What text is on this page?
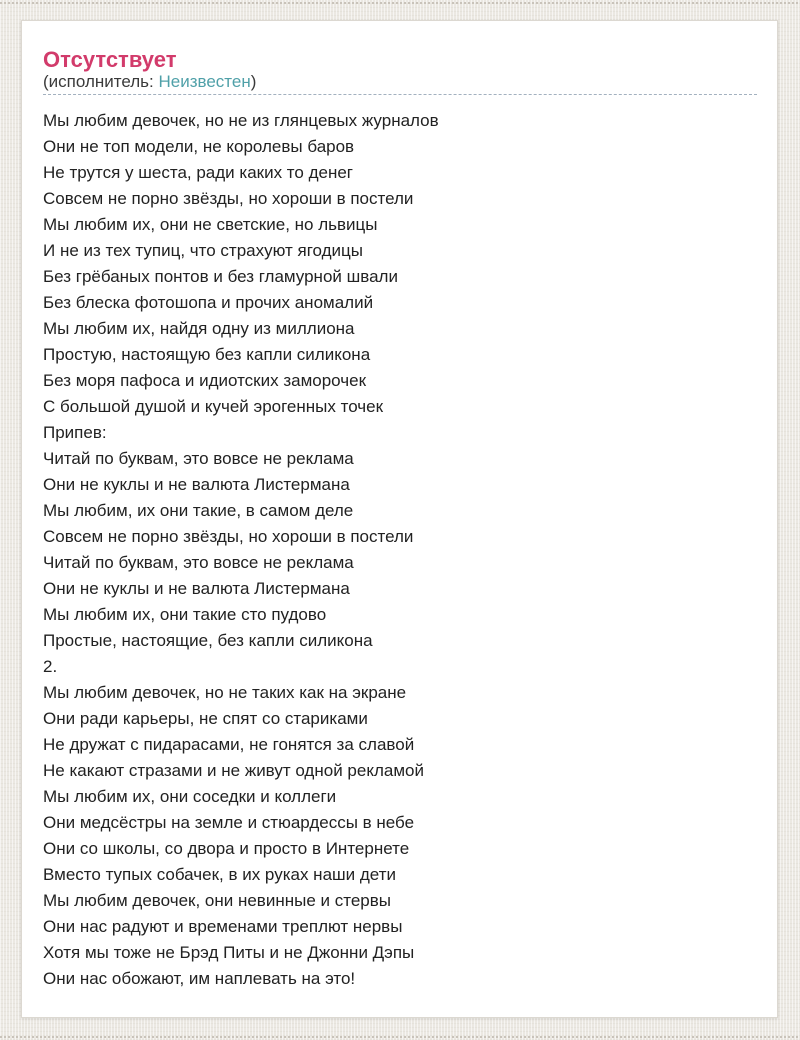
Отсутствует
(исполнитель: Неизвестен)
Мы любим девочек, но не из глянцевых журналов
Они не топ модели, не королевы баров
Не трутся у шеста, ради каких то денег
Совсем не порно звёзды, но хороши в постели
Мы любим их, они не светские, но львицы
И не из тех тупиц, что страхуют ягодицы
Без грёбаных понтов и без гламурной швали
Без блеска фотошопа и прочих аномалий
Мы любим их, найдя одну из миллиона
Простую, настоящую без капли силикона
Без моря пафоса и идиотских заморочек
С большой душой и кучей эрогенных точек
Припев:
Читай по буквам, это вовсе не реклама
Они не куклы и не валюта Листермана
Мы любим, их они такие, в самом деле
Совсем не порно звёзды, но хороши в постели
Читай по буквам, это вовсе не реклама
Они не куклы и не валюта Листермана
Мы любим их, они такие сто пудово
Простые, настоящие, без капли силикона
2.
Мы любим девочек, но не таких как на экране
Они ради карьеры, не спят со стариками
Не дружат с пидарасами, не гонятся за славой
Не какают стразами и не живут одной рекламой
Мы любим их, они соседки и коллеги
Они медсёстры на земле и стюардессы в небе
Они со школы, со двора и просто в Интернете
Вместо тупых собачек, в их руках наши дети
Мы любим девочек, они невинные и стервы
Они нас радуют и временами треплют нервы
Хотя мы тоже не Брэд Питы и не Джонни Дэпы
Они нас обожают, им наплевать на это!
